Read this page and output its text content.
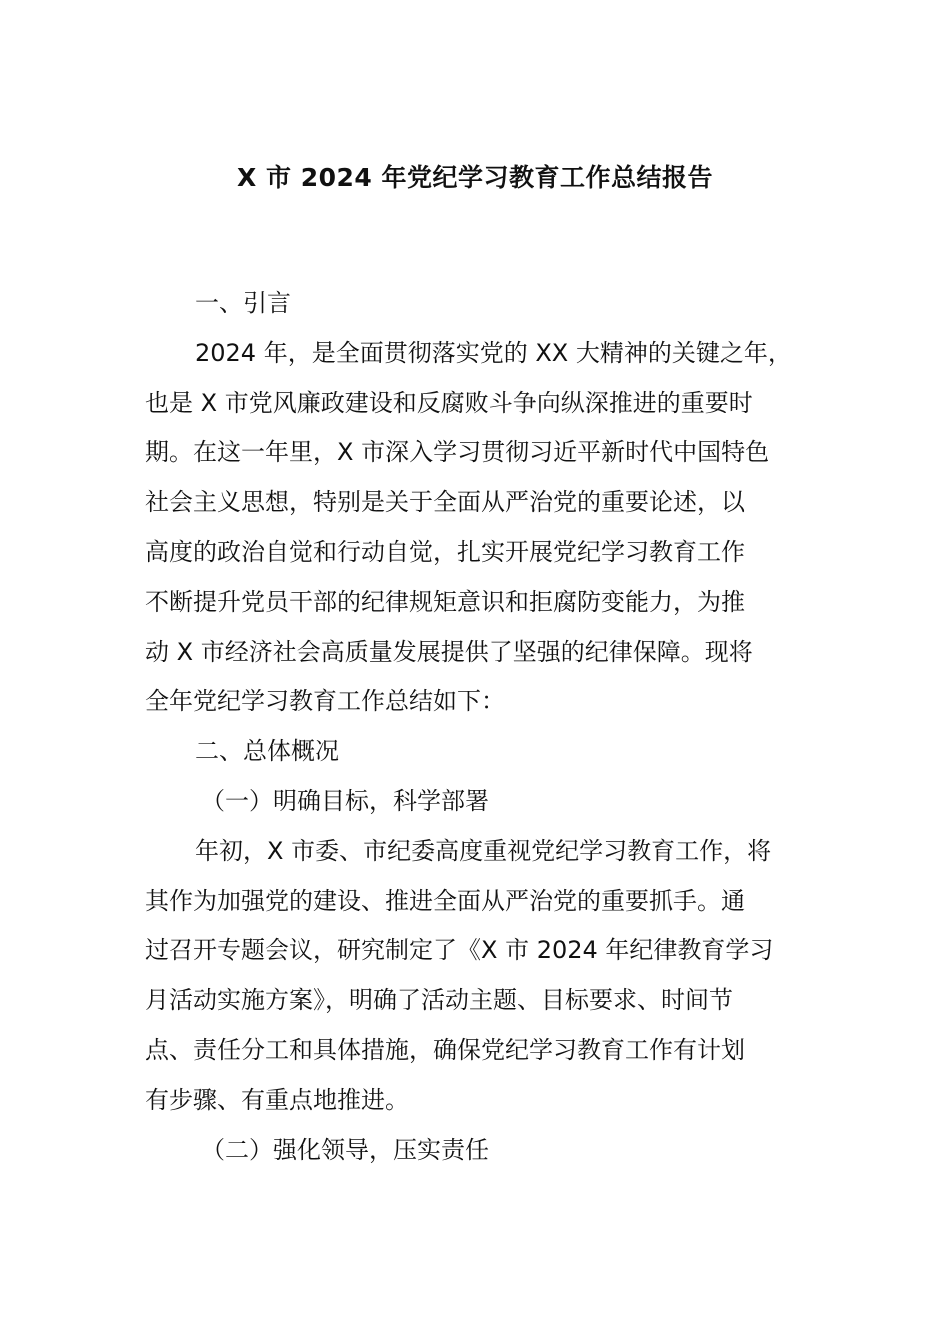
X 市 2024 年党纪学习教育工作总结报告
一、引言
2024 年，是全面贯彻落实党的 XX 大精神的关键之年，
也是 X 市党风廉政建设和反腐败斗争向纵深推进的重要时
期。在这一年里，X 市深入学习贯彻习近平新时代中国特色
社会主义思想，特别是关于全面从严治党的重要论述，以
高度的政治自觉和行动自觉，扎实开展党纪学习教育工作
不断提升党员干部的纪律规矩意识和拒腐防变能力，为推
动 X 市经济社会高质量发展提供了坚强的纪律保障。现将
全年党纪学习教育工作总结如下：
二、总体概况
（一）明确目标，科学部署
年初，X 市委、市纪委高度重视党纪学习教育工作，将
其作为加强党的建设、推进全面从严治党的重要抓手。通
过召开专题会议，研究制定了《X 市 2024 年纪律教育学习
月活动实施方案》，明确了活动主题、目标要求、时间节
点、责任分工和具体措施，确保党纪学习教育工作有计划
有步骤、有重点地推进。
（二）强化领导，压实责任
